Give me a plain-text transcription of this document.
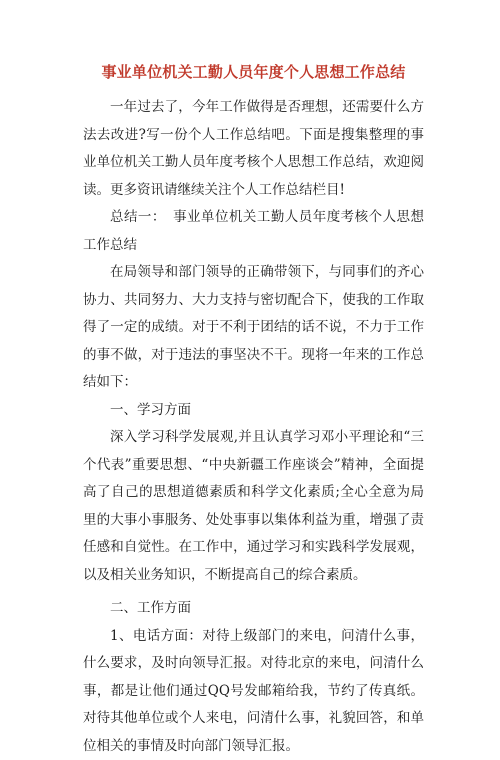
事业单位机关工勤人员年度个人思想工作总结

一年过去了，今年工作做得是否理想，还需要什么方法去改进?写一份个人工作总结吧。下面是搜集整理的事业单位机关工勤人员年度考核个人思想工作总结，欢迎阅读。更多资讯请继续关注个人工作总结栏目!

总结一：　事业单位机关工勤人员年度考核个人思想工作总结

在局领导和部门领导的正确带领下，与同事们的齐心协力、共同努力、大力支持与密切配合下，使我的工作取得了一定的成绩。对于不利于团结的话不说，不力于工作的事不做，对于违法的事坚决不干。现将一年来的工作总结如下：

一、学习方面

深入学习科学发展观,并且认真学习邓小平理论和“三个代表”重要思想、“中央新疆工作座谈会”精神，全面提高了自己的思想道德素质和科学文化素质;全心全意为局里的大事小事服务、处处事事以集体利益为重，增强了责任感和自觉性。在工作中，通过学习和实践科学发展观，以及相关业务知识，不断提高自己的综合素质。

二、工作方面

1、电话方面：对待上级部门的来电，问清什么事，什么要求，及时向领导汇报。对待北京的来电，问清什么事，都是让他们通过QQ号发邮箱给我，节约了传真纸。对待其他单位或个人来电，问清什么事，礼貌回答，和单位相关的事情及时向部门领导汇报。
